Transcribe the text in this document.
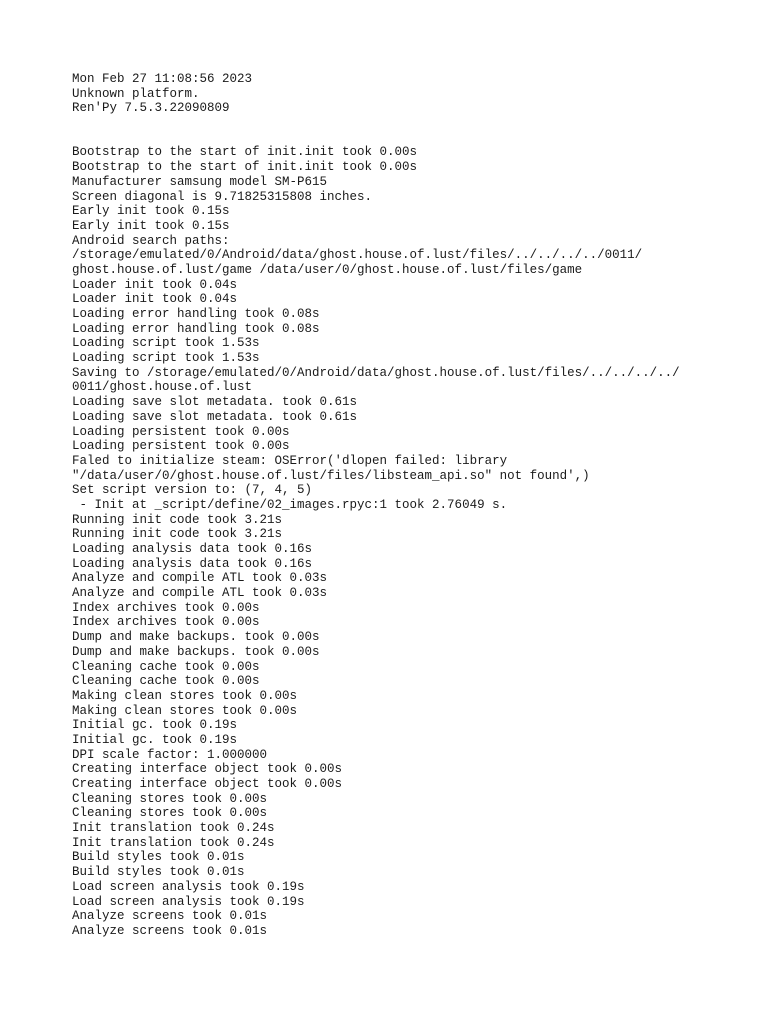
Mon Feb 27 11:08:56 2023
Unknown platform.
Ren'Py 7.5.3.22090809
Bootstrap to the start of init.init took 0.00s
Bootstrap to the start of init.init took 0.00s
Manufacturer samsung model SM-P615
Screen diagonal is 9.71825315808 inches.
Early init took 0.15s
Early init took 0.15s
Android search paths:
/storage/emulated/0/Android/data/ghost.house.of.lust/files/../../../../0011/
ghost.house.of.lust/game /data/user/0/ghost.house.of.lust/files/game
Loader init took 0.04s
Loader init took 0.04s
Loading error handling took 0.08s
Loading error handling took 0.08s
Loading script took 1.53s
Loading script took 1.53s
Saving to /storage/emulated/0/Android/data/ghost.house.of.lust/files/../../../../
0011/ghost.house.of.lust
Loading save slot metadata. took 0.61s
Loading save slot metadata. took 0.61s
Loading persistent took 0.00s
Loading persistent took 0.00s
Faled to initialize steam: OSError('dlopen failed: library
"/data/user/0/ghost.house.of.lust/files/libsteam_api.so" not found',)
Set script version to: (7, 4, 5)
- Init at _script/define/02_images.rpyc:1 took 2.76049 s.
Running init code took 3.21s
Running init code took 3.21s
Loading analysis data took 0.16s
Loading analysis data took 0.16s
Analyze and compile ATL took 0.03s
Analyze and compile ATL took 0.03s
Index archives took 0.00s
Index archives took 0.00s
Dump and make backups. took 0.00s
Dump and make backups. took 0.00s
Cleaning cache took 0.00s
Cleaning cache took 0.00s
Making clean stores took 0.00s
Making clean stores took 0.00s
Initial gc. took 0.19s
Initial gc. took 0.19s
DPI scale factor: 1.000000
Creating interface object took 0.00s
Creating interface object took 0.00s
Cleaning stores took 0.00s
Cleaning stores took 0.00s
Init translation took 0.24s
Init translation took 0.24s
Build styles took 0.01s
Build styles took 0.01s
Load screen analysis took 0.19s
Load screen analysis took 0.19s
Analyze screens took 0.01s
Analyze screens took 0.01s
